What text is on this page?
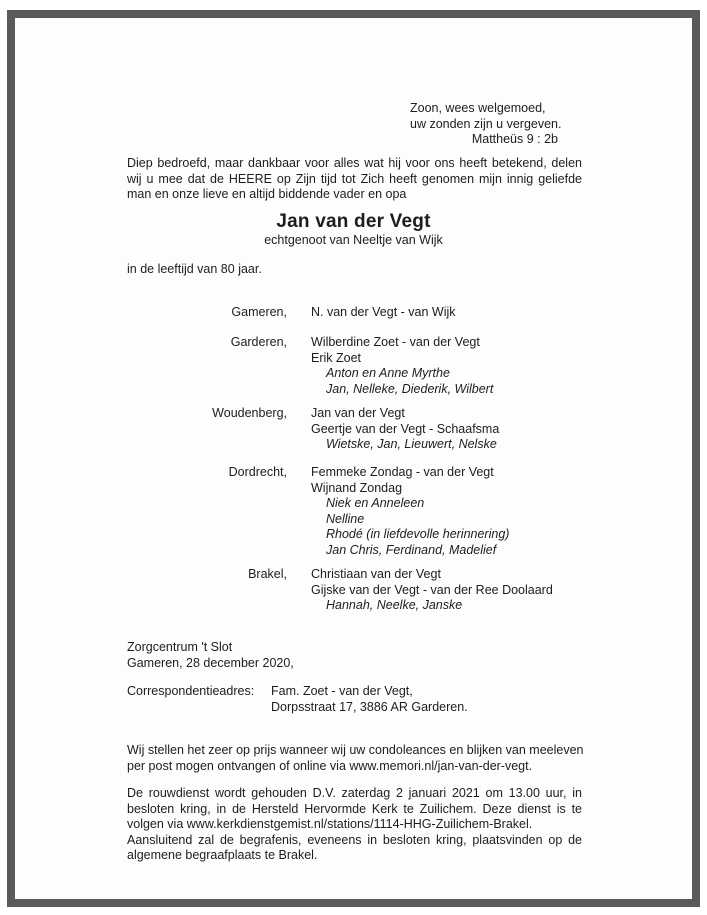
Zoon, wees welgemoed,
uw zonden zijn u vergeven.
Mattheüs 9 : 2b
Diep bedroefd, maar dankbaar voor alles wat hij voor ons heeft betekend, delen
wij u mee dat de HEERE op Zijn tijd tot Zich heeft genomen mijn innig geliefde
man en onze lieve en altijd biddende vader en opa
Jan van der Vegt
echtgenoot van Neeltje van Wijk
in de leeftijd van 80 jaar.
Gameren, N. van der Vegt - van Wijk
Garderen, Wilberdine Zoet - van der Vegt
Erik Zoet
Anton en Anne Myrthe
Jan, Nelleke, Diederik, Wilbert
Woudenberg, Jan van der Vegt
Geertje van der Vegt - Schaafsma
Wietske, Jan, Lieuwert, Nelske
Dordrecht, Femmeke Zondag - van der Vegt
Wijnand Zondag
Niek en Anneleen
Nelline
Rhodé (in liefdevolle herinnering)
Jan Chris, Ferdinand, Madelief
Brakel, Christiaan van der Vegt
Gijske van der Vegt - van der Ree Doolaard
Hannah, Neelke, Janske
Zorgcentrum 't Slot
Gameren, 28 december 2020,
Correspondentieadres: Fam. Zoet - van der Vegt,
Dorpsstraat 17, 3886 AR Garderen.
Wij stellen het zeer op prijs wanneer wij uw condoleances en blijken van meeleven
per post mogen ontvangen of online via www.memori.nl/jan-van-der-vegt.
De rouwdienst wordt gehouden D.V. zaterdag 2 januari 2021 om 13.00 uur, in
besloten kring, in de Hersteld Hervormde Kerk te Zuilichem. Deze dienst is te
volgen via www.kerkdienstgemist.nl/stations/1114-HHG-Zuilichem-Brakel.
Aansluitend zal de begrafenis, eveneens in besloten kring, plaatsvinden op de
algemene begraafplaats te Brakel.
